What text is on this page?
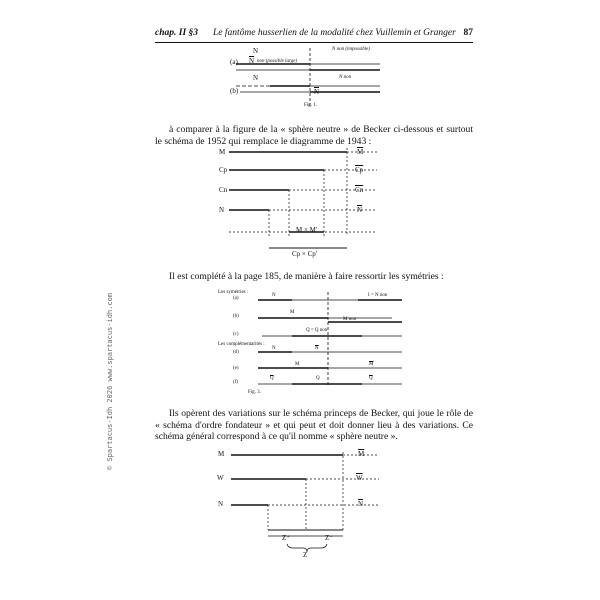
chap. II §3 Le fantôme husserlien de la modalité chez Vuillemin et Granger 87
© Spartacus-Idh 2026 www.spartacus-idh.com
(a)
N	N non (impossible)
$\overline{N}$ non (possible large)
(b)
N	N non
$\overline{N}$
Fig. 1.
à comparer à la figure de la « sphère neutre » de Becker ci-dessous et surtout le schéma de 1952 qui remplace le diagramme de 1943 :
M	$\overline{M}$
Cp	$\overline{Cp}$
Cn	$\overline{Cn}$
N	$\overline{N}$
M × M'
Cp × Cp'
Il est complété à la page 185, de manière à faire ressortir les symétries :
Les symétries :
Les complémentarités :
(a)
N	I = N non
(b)
M
M non
(c)
Q = Q non
(d)
N	$\overline{N}$
(e)
M	$\overline{M}$
(f)
$\overline{Q}$	Q	$\overline{Q}$
Fig. 3.
Ils opèrent des variations sur le schéma princeps de Becker, qui joue le rôle de « schéma d'ordre fondateur » et qui peut et doit donner lieu à des variations. Ce schéma général correspond à ce qu'il nomme « sphère neutre ».
M	$\overline{M}$
W	$\overline{W}$
N	$\overline{N}$
Z⁺	Z⁻
Z
